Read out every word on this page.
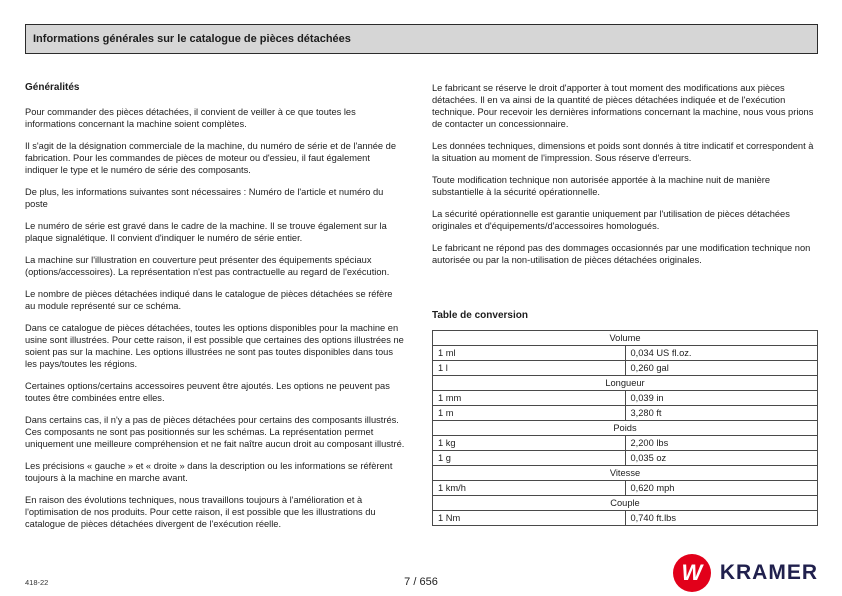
Informations générales sur le catalogue de pièces détachées
Généralités

Pour commander des pièces détachées, il convient de veiller à ce que toutes les informations concernant la machine soient complètes.

Il s'agit de la désignation commerciale de la machine, du numéro de série et de l'année de fabrication. Pour les commandes de pièces de moteur ou d'essieu, il faut également indiquer le type et le numéro de série des composants.

De plus, les informations suivantes sont nécessaires : Numéro de l'article et numéro du poste

Le numéro de série est gravé dans le cadre de la machine. Il se trouve également sur la plaque signalétique. Il convient d'indiquer le numéro de série entier.

La machine sur l'illustration en couverture peut présenter des équipements spéciaux (options/accessoires). La représentation n'est pas contractuelle au regard de l'exécution.

Le nombre de pièces détachées indiqué dans le catalogue de pièces détachées se réfère au module représenté sur ce schéma.

Dans ce catalogue de pièces détachées, toutes les options disponibles pour la machine en usine sont illustrées. Pour cette raison, il est possible que certaines des options illustrées ne soient pas sur la machine. Les options illustrées ne sont pas toutes disponibles dans tous les pays/toutes les régions.

Certaines options/certains accessoires peuvent être ajoutés. Les options ne peuvent pas toutes être combinées entre elles.

Dans certains cas, il n'y a pas de pièces détachées pour certains des composants illustrés. Ces composants ne sont pas positionnés sur les schémas. La représentation permet uniquement une meilleure compréhension et ne fait naître aucun droit au composant illustré.

Les précisions « gauche » et « droite » dans la description ou les informations se réfèrent toujours à la machine en marche avant.

En raison des évolutions techniques, nous travaillons toujours à l'amélioration et à l'optimisation de nos produits. Pour cette raison, il est possible que les illustrations du catalogue de pièces détachées divergent de l'exécution réelle.

Le fabricant se réserve le droit d'apporter à tout moment des modifications aux pièces détachées. Il en va ainsi de la quantité de pièces détachées indiquée et de l'exécution technique. Pour recevoir les dernières informations concernant la machine, nous vous prions de contacter un concessionnaire.

Les données techniques, dimensions et poids sont donnés à titre indicatif et correspondent à la situation au moment de l'impression. Sous réserve d'erreurs.

Toute modification technique non autorisée apportée à la machine nuit de manière substantielle à la sécurité opérationnelle.

La sécurité opérationnelle est garantie uniquement par l'utilisation de pièces détachées originales et d'équipements/d'accessoires homologués.

Le fabricant ne répond pas des dommages occasionnés par une modification technique non autorisée ou par la non-utilisation de pièces détachées originales.

Table de conversion
Volume	
1 ml	0,034 US fl.oz.
1 l	0,260 gal
Longueur	
1 mm	0,039 in
1 m	3,280 ft
Poids	
1 kg	2,200 lbs
1 g	0,035 oz
Vitesse	
1 km/h	0,620 mph
Couple	
1 Nm	0,740 ft.lbs
418-22	7 / 656	W KRAMER
